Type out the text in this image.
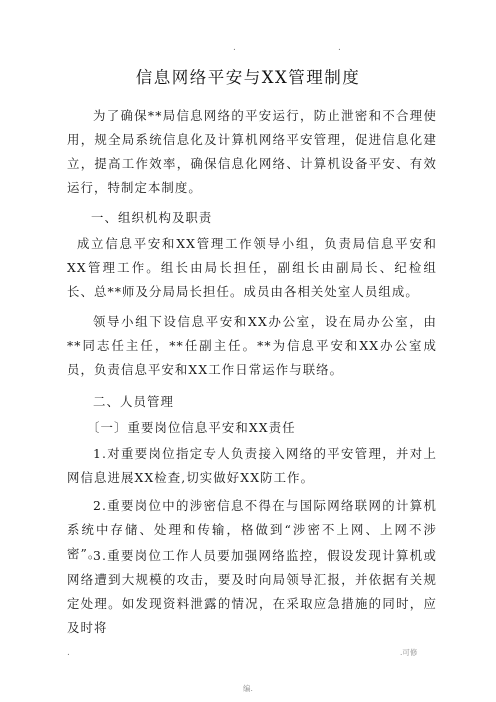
.	.
信息网络平安与XX管理制度

为了确保**局信息网络的平安运行，防止泄密和不合理使用，规全局系统信息化及计算机网络平安管理，促进信息化建立，提高工作效率，确保信息化网络、计算机设备平安、有效运行，特制定本制度。

一、组织机构及职责

成立信息平安和XX管理工作领导小组，负责局信息平安和XX管理工作。组长由局长担任，副组长由副局长、纪检组长、总**师及分局局长担任。成员由各相关处室人员组成。

领导小组下设信息平安和XX办公室，设在局办公室，由**同志任主任，**任副主任。**为信息平安和XX办公室成员，负责信息平安和XX工作日常运作与联络。

二、人员管理

〔一〕重要岗位信息平安和XX责任

1.对重要岗位指定专人负责接入网络的平安管理，并对上网信息进展XX检查,切实做好XX防工作。

2.重要岗位中的涉密信息不得在与国际网络联网的计算机系统中存储、处理和传输，格做到“涉密不上网、上网不涉密”。

3.重要岗位工作人员要加强网络监控，假设发现计算机或网络遭到大规模的攻击，要及时向局领导汇报，并依据有关规定处理。如发现资料泄露的情况，在采取应急措施的同时，应及时将

.	.可修
编.
